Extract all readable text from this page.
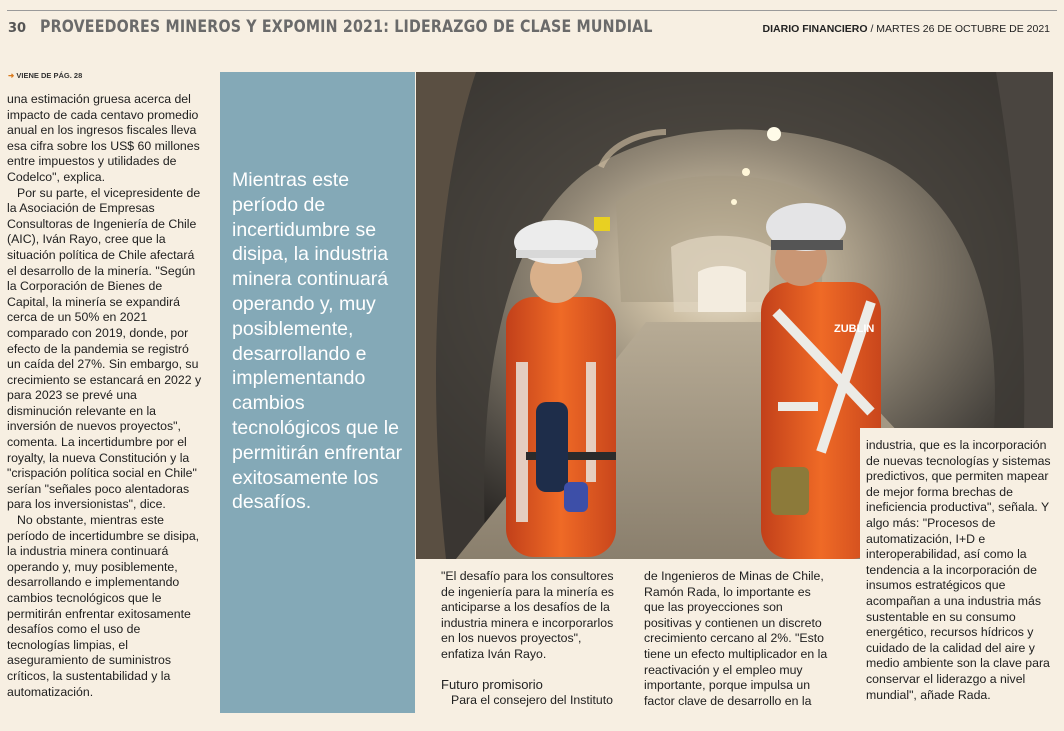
30 PROVEEDORES MINEROS Y EXPOMIN 2021: LIDERAZGO DE CLASE MUNDIAL	DIARIO FINANCIERO / MARTES 26 DE OCTUBRE DE 2021
➜ VIENE DE PÁG. 28

una estimación gruesa acerca del impacto de cada centavo promedio anual en los ingresos fiscales lleva esa cifra sobre los US$ 60 millones entre impuestos y utilidades de Codelco", explica.

Por su parte, el vicepresidente de la Asociación de Empresas Consultoras de Ingeniería de Chile (AIC), Iván Rayo, cree que la situación política de Chile afectará el desarrollo de la minería. "Según la Corporación de Bienes de Capital, la minería se expandirá cerca de un 50% en 2021 comparado con 2019, donde, por efecto de la pandemia se registró un caída del 27%. Sin embargo, su crecimiento se estancará en 2022 y para 2023 se prevé una disminución relevante en la inversión de nuevos proyectos", comenta. La incertidumbre por el royalty, la nueva Constitución y la "crispación política social en Chile" serían "señales poco alentadoras para los inversionistas", dice.

No obstante, mientras este período de incertidumbre se disipa, la industria minera continuará operando y, muy posiblemente, desarrollando e implementando cambios tecnológicos que le permitirán enfrentar exitosamente desafíos como el uso de tecnologías limpias, el aseguramiento de suministros críticos, la sustentabilidad y la automatización.

Mientras este período de incertidumbre se disipa, la industria minera continuará operando y, muy posiblemente, desarrollando e implementando cambios tecnológicos que le permitirán enfrentar exitosamente los desafíos.
ZUBLIN

industria, que es la incorporación de nuevas tecnologías y sistemas predictivos, que permiten mapear de mejor forma brechas de ineficiencia productiva", señala. Y algo más: "Procesos de automatización, I+D e interoperabilidad, así como la tendencia a la incorporación de insumos estratégicos que acompañan a una industria más sustentable en su consumo energético, recursos hídricos y cuidado de la calidad del aire y medio ambiente son la clave para conservar el liderazgo a nivel mundial", añade Rada.

"El desafío para los consultores de ingeniería para la minería es anticiparse a los desafíos de la industria minera e incorporarlos en los nuevos proyectos", enfatiza Iván Rayo.

Futuro promisorio

Para el consejero del Instituto

de Ingenieros de Minas de Chile, Ramón Rada, lo importante es que las proyecciones son positivas y contienen un discreto crecimiento cercano al 2%. "Esto tiene un efecto multiplicador en la reactivación y el empleo muy importante, porque impulsa un factor clave de desarrollo en la
